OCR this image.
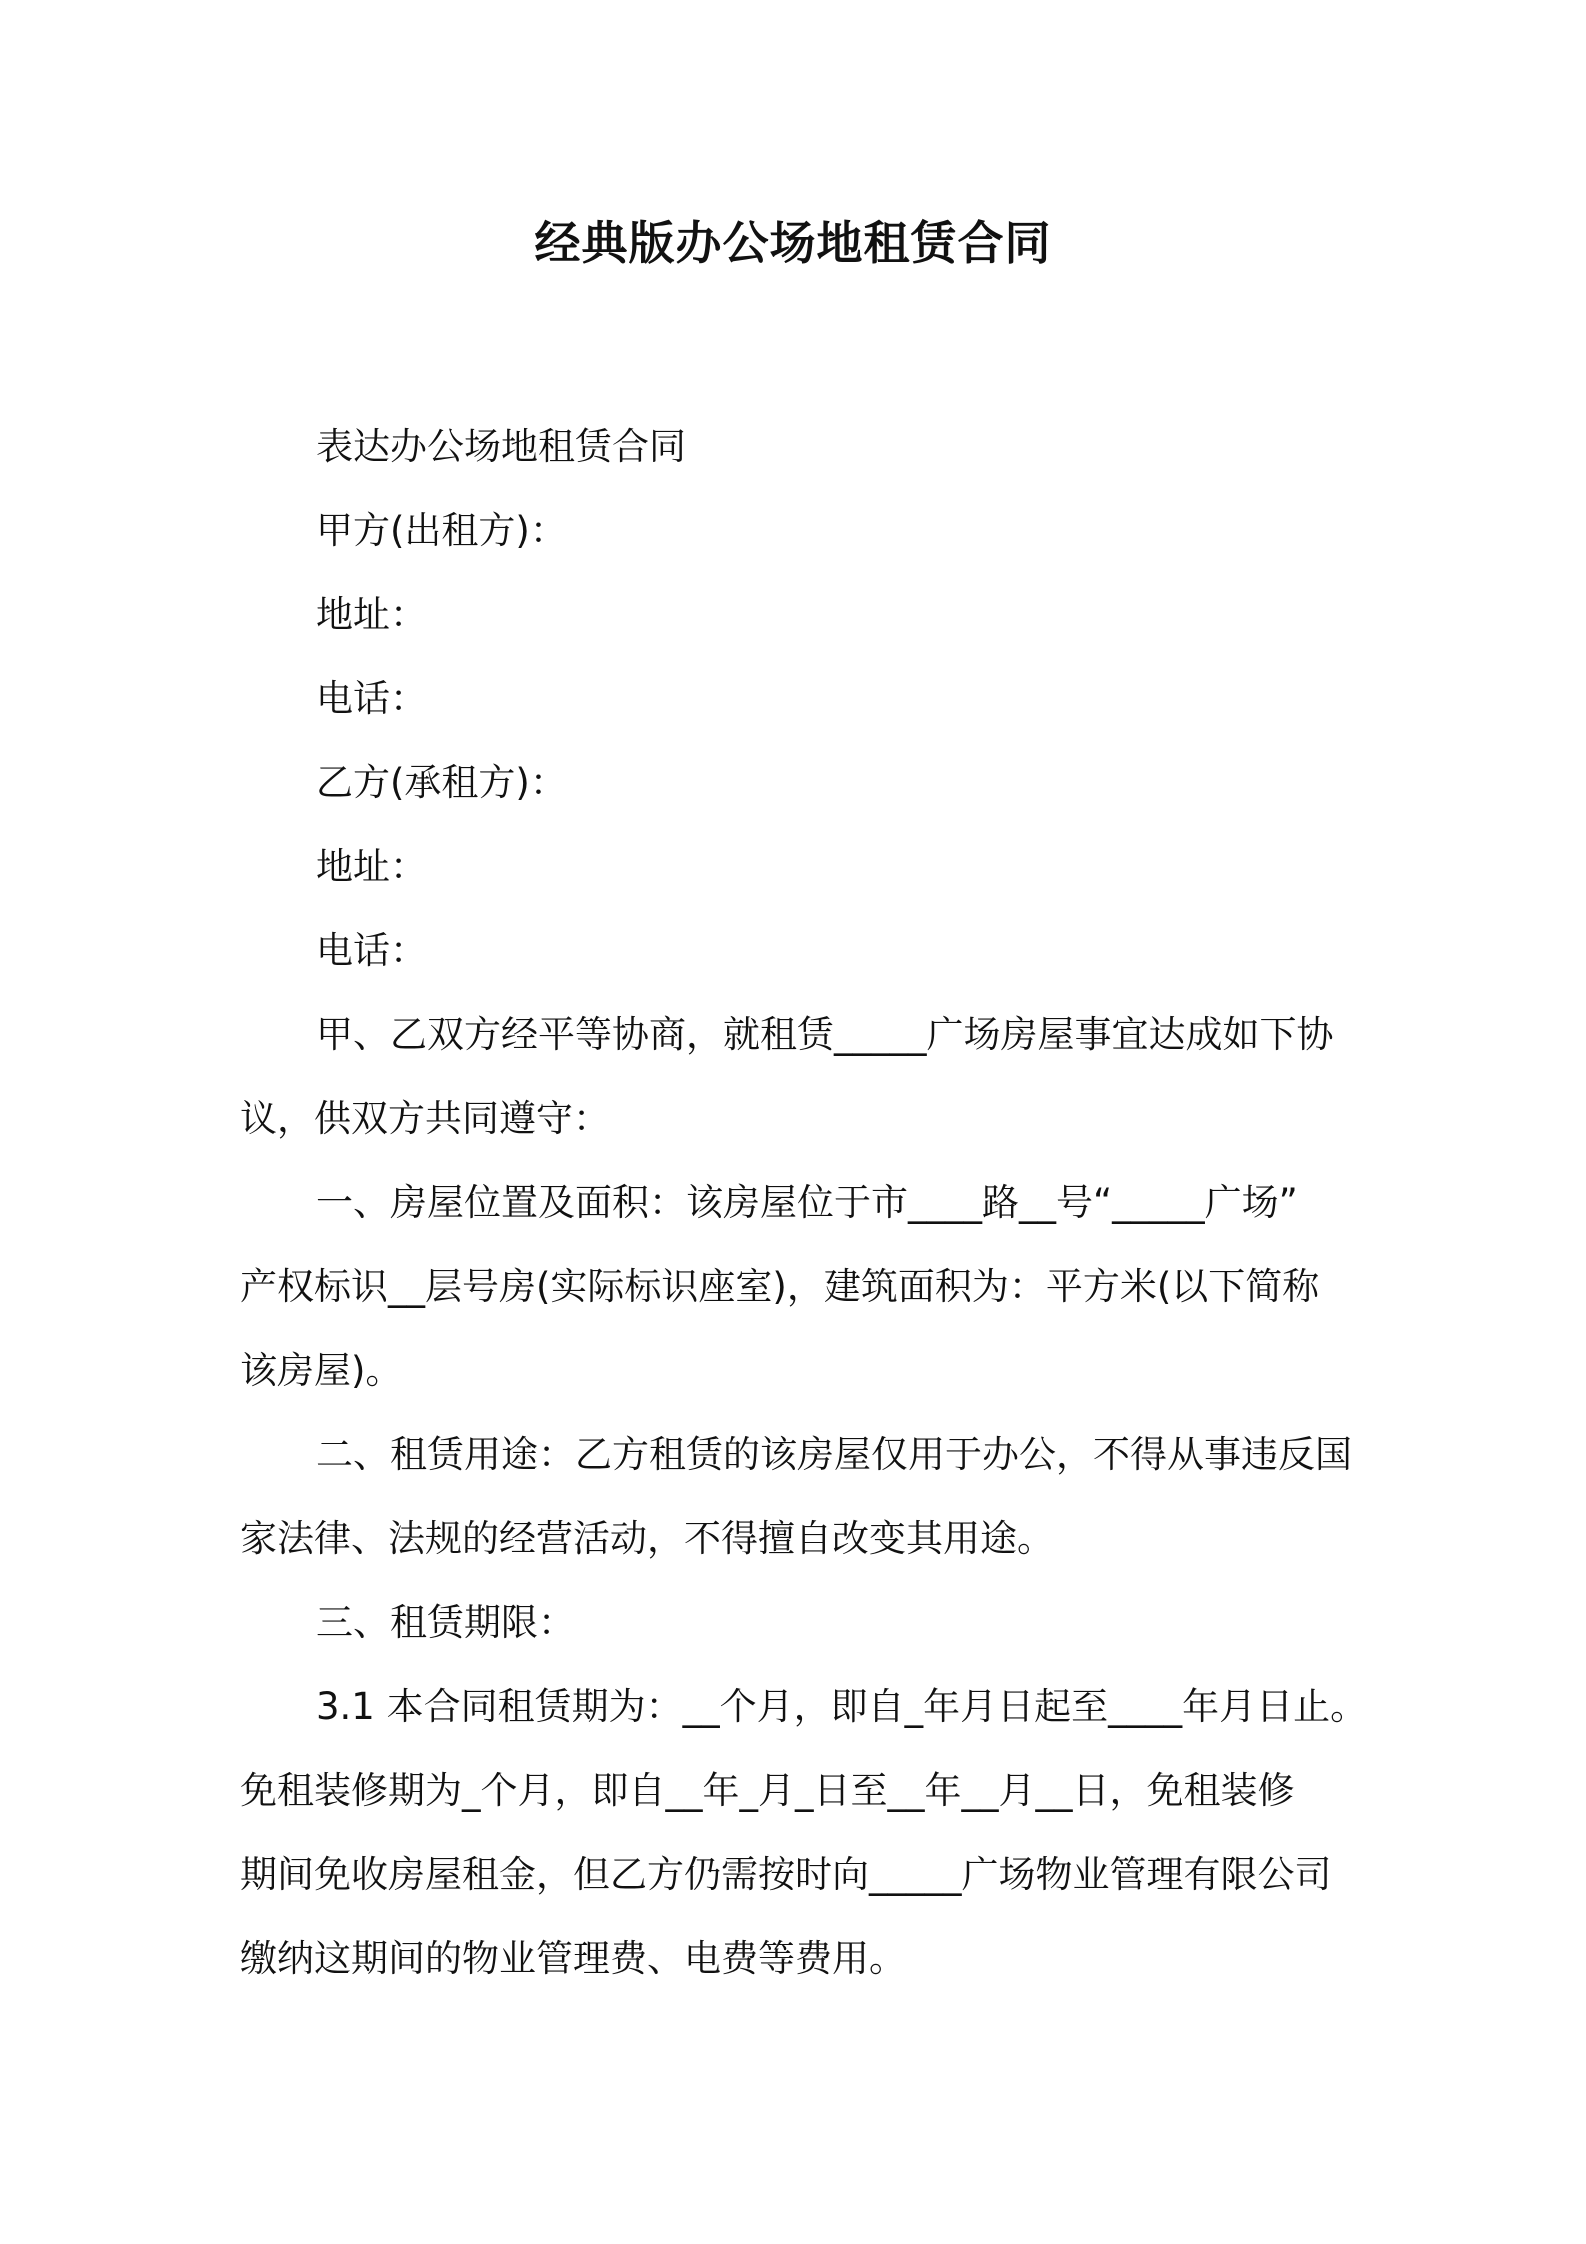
经典版办公场地租赁合同
表达办公场地租赁合同
甲方(出租方)：
地址：
电话：
乙方(承租方)：
地址：
电话：
甲、乙双方经平等协商，就租赁_____广场房屋事宜达成如下协
议，供双方共同遵守：
一、房屋位置及面积：该房屋位于市____路__号“_____广场”
产权标识__层号房(实际标识座室)，建筑面积为：平方米(以下简称
该房屋)。
二、租赁用途：乙方租赁的该房屋仅用于办公，不得从事违反国
家法律、法规的经营活动，不得擅自改变其用途。
三、租赁期限：
3.1 本合同租赁期为：__个月，即自_年月日起至____年月日止。
免租装修期为_个月，即自__年_月_日至__年__月__日，免租装修
期间免收房屋租金，但乙方仍需按时向_____广场物业管理有限公司
缴纳这期间的物业管理费、电费等费用。
